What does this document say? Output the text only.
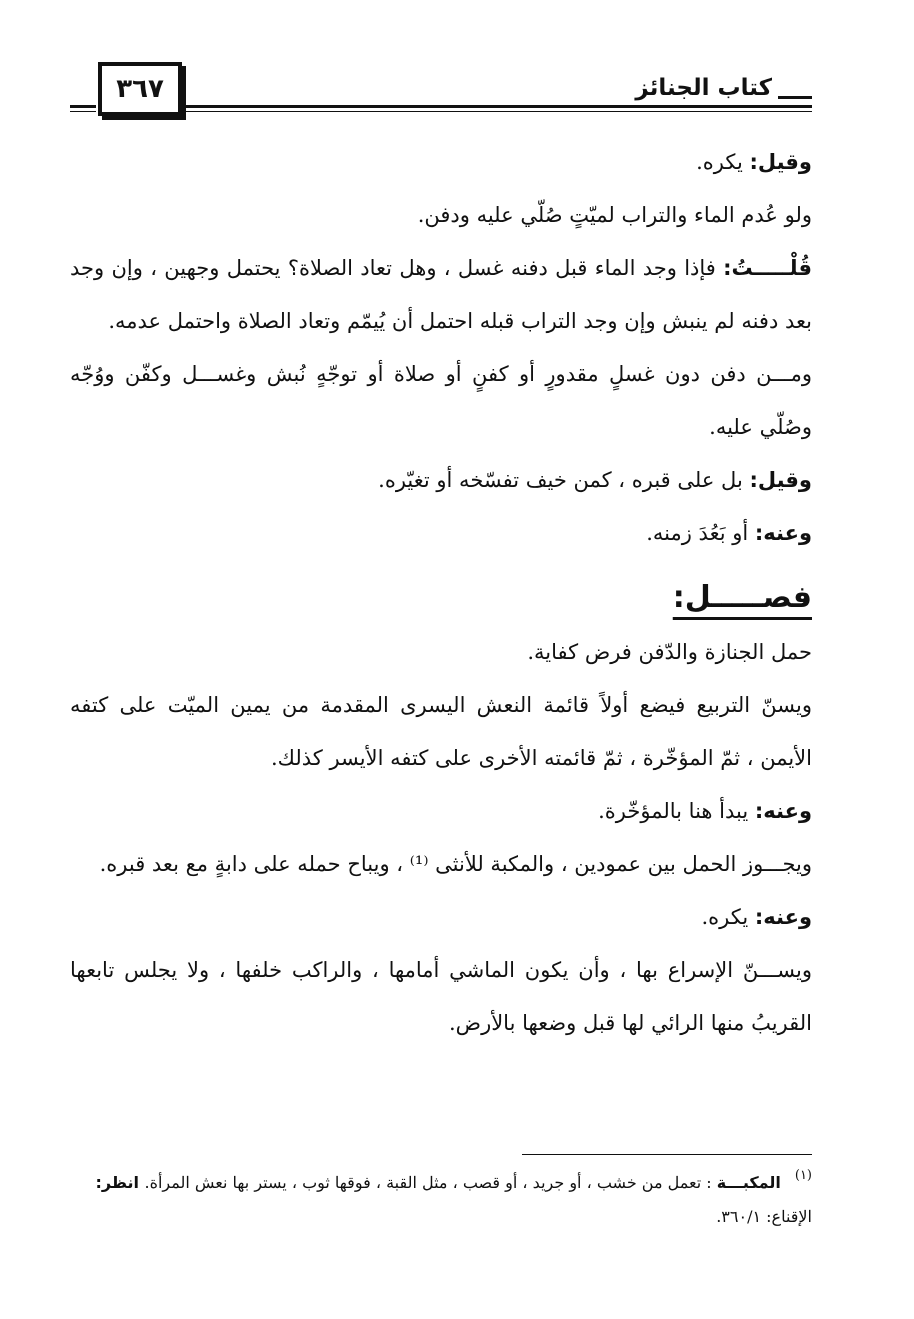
٣٦٧	كتاب الجنائز

وقيل: يكره.

ولو عُدم الماء والتراب لميّتٍ صُلّي عليه ودفن.

قُلْـــــتُ: فإذا وجد الماء قبل دفنه غسل ، وهل تعاد الصلاة؟ يحتمل وجهين ، وإن وجد بعد دفنه لم ينبش وإن وجد التراب قبله احتمل أن يُيمّم وتعاد الصلاة واحتمل عدمه.

ومـــن دفن دون غسلٍ مقدورٍ أو كفنٍ أو صلاة أو توجّهٍ نُبش وغســـل وكفّن ووُجّه وصُلّي عليه.

وقيل: بل على قبره ، كمن خيف تفسّخه أو تغيّره.

وعنه: أو بَعُدَ زمنه.

فصـــــل:

حمل الجنازة والدّفن فرض كفاية.

ويسنّ التربيع فيضع أولاً قائمة النعش اليسرى المقدمة من يمين الميّت على كتفه الأيمن ، ثمّ المؤخّرة ، ثمّ قائمته الأخرى على كتفه الأيسر كذلك.

وعنه: يبدأ هنا بالمؤخّرة.

ويجـــوز الحمل بين عمودين ، والمكبة للأنثى ⁽¹⁾ ، ويباح حمله على دابةٍ مع بعد قبره.

وعنه: يكره.

ويســـنّ الإسراع بها ، وأن يكون الماشي أمامها ، والراكب خلفها ، ولا يجلس تابعها القريبُ منها الرائي لها قبل وضعها بالأرض.

(١) المكبـــة : تعمل من خشب ، أو جريد ، أو قصب ، مثل القبة ، فوقها ثوب ، يستر بها نعش المرأة. انظر: الإقناع: ٣٦٠/١.
